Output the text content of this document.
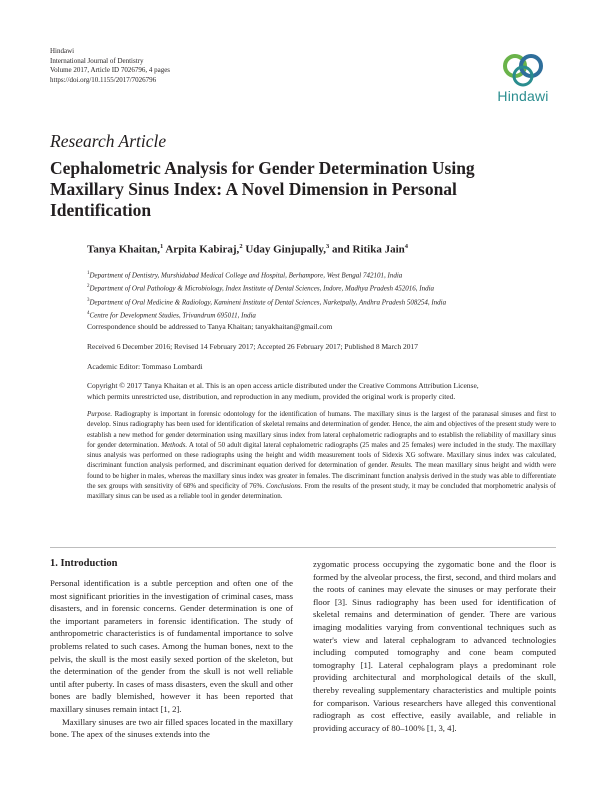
Hindawi
International Journal of Dentistry
Volume 2017, Article ID 7026796, 4 pages
https://doi.org/10.1155/2017/7026796
Hindawi
Research Article
Cephalometric Analysis for Gender Determination Using Maxillary Sinus Index: A Novel Dimension in Personal Identification
Tanya Khaitan,$^1$ Arpita Kabiraj,$^2$ Uday Ginjupally,$^3$ and Ritika Jain$^4$
$^1$Department of Dentistry, Murshidabad Medical College and Hospital, Berhampore, West Bengal 742101, India
$^2$Department of Oral Pathology & Microbiology, Index Institute of Dental Sciences, Indore, Madhya Pradesh 452016, India
$^3$Department of Oral Medicine & Radiology, Kamineni Institute of Dental Sciences, Narketpally, Andhra Pradesh 508254, India
$^4$Centre for Development Studies, Trivandrum 695011, India
Correspondence should be addressed to Tanya Khaitan; tanyakhaitan@gmail.com
Received 6 December 2016; Revised 14 February 2017; Accepted 26 February 2017; Published 8 March 2017
Academic Editor: Tommaso Lombardi
Copyright © 2017 Tanya Khaitan et al. This is an open access article distributed under the Creative Commons Attribution License,
which permits unrestricted use, distribution, and reproduction in any medium, provided the original work is properly cited.
Purpose. Radiography is important in forensic odontology for the identification of humans. The maxillary sinus is the largest of the paranasal sinuses and first to develop. Sinus radiography has been used for identification of skeletal remains and determination of gender. Hence, the aim and objectives of the present study were to establish a new method for gender determination using maxillary sinus index from lateral cephalometric radiographs and to establish the reliability of maxillary sinus for gender determination. Methods. A total of 50 adult digital lateral cephalometric radiographs (25 males and 25 females) were included in the study. The maxillary sinus analysis was performed on these radiographs using the height and width measurement tools of Sidexis XG software. Maxillary sinus index was calculated, discriminant function analysis performed, and discriminant equation derived for determination of gender. Results. The mean maxillary sinus height and width were found to be higher in males, whereas the maxillary sinus index was greater in females. The discriminant function analysis derived in the study was able to differentiate the sex groups with sensitivity of 68% and specificity of 76%. Conclusions. From the results of the present study, it may be concluded that morphometric analysis of maxillary sinus can be used as a reliable tool in gender determination.
1. Introduction

Personal identification is a subtle perception and often one of the most significant priorities in the investigation of criminal cases, mass disasters, and in forensic concerns. Gender determination is one of the important parameters in forensic identification. The study of anthropometric characteristics is of fundamental importance to solve problems related to such cases. Among the human bones, next to the pelvis, the skull is the most easily sexed portion of the skeleton, but the determination of the gender from the skull is not well reliable until after puberty. In cases of mass disasters, even the skull and other bones are badly blemished, however it has been reported that maxillary sinuses remain intact [1, 2].

Maxillary sinuses are two air filled spaces located in the maxillary bone. The apex of the sinuses extends into the

zygomatic process occupying the zygomatic bone and the floor is formed by the alveolar process, the first, second, and third molars and the roots of canines may elevate the sinuses or may perforate their floor [3]. Sinus radiography has been used for identification of skeletal remains and determination of gender. There are various imaging modalities varying from conventional techniques such as water's view and lateral cephalogram to advanced technologies including computed tomography and cone beam computed tomography [1]. Lateral cephalogram plays a predominant role providing architectural and morphological details of the skull, thereby revealing supplementary characteristics and multiple points for comparison. Various researchers have alleged this conventional radiograph as cost effective, easily available, and reliable in providing accuracy of 80–100% [1, 3, 4].
